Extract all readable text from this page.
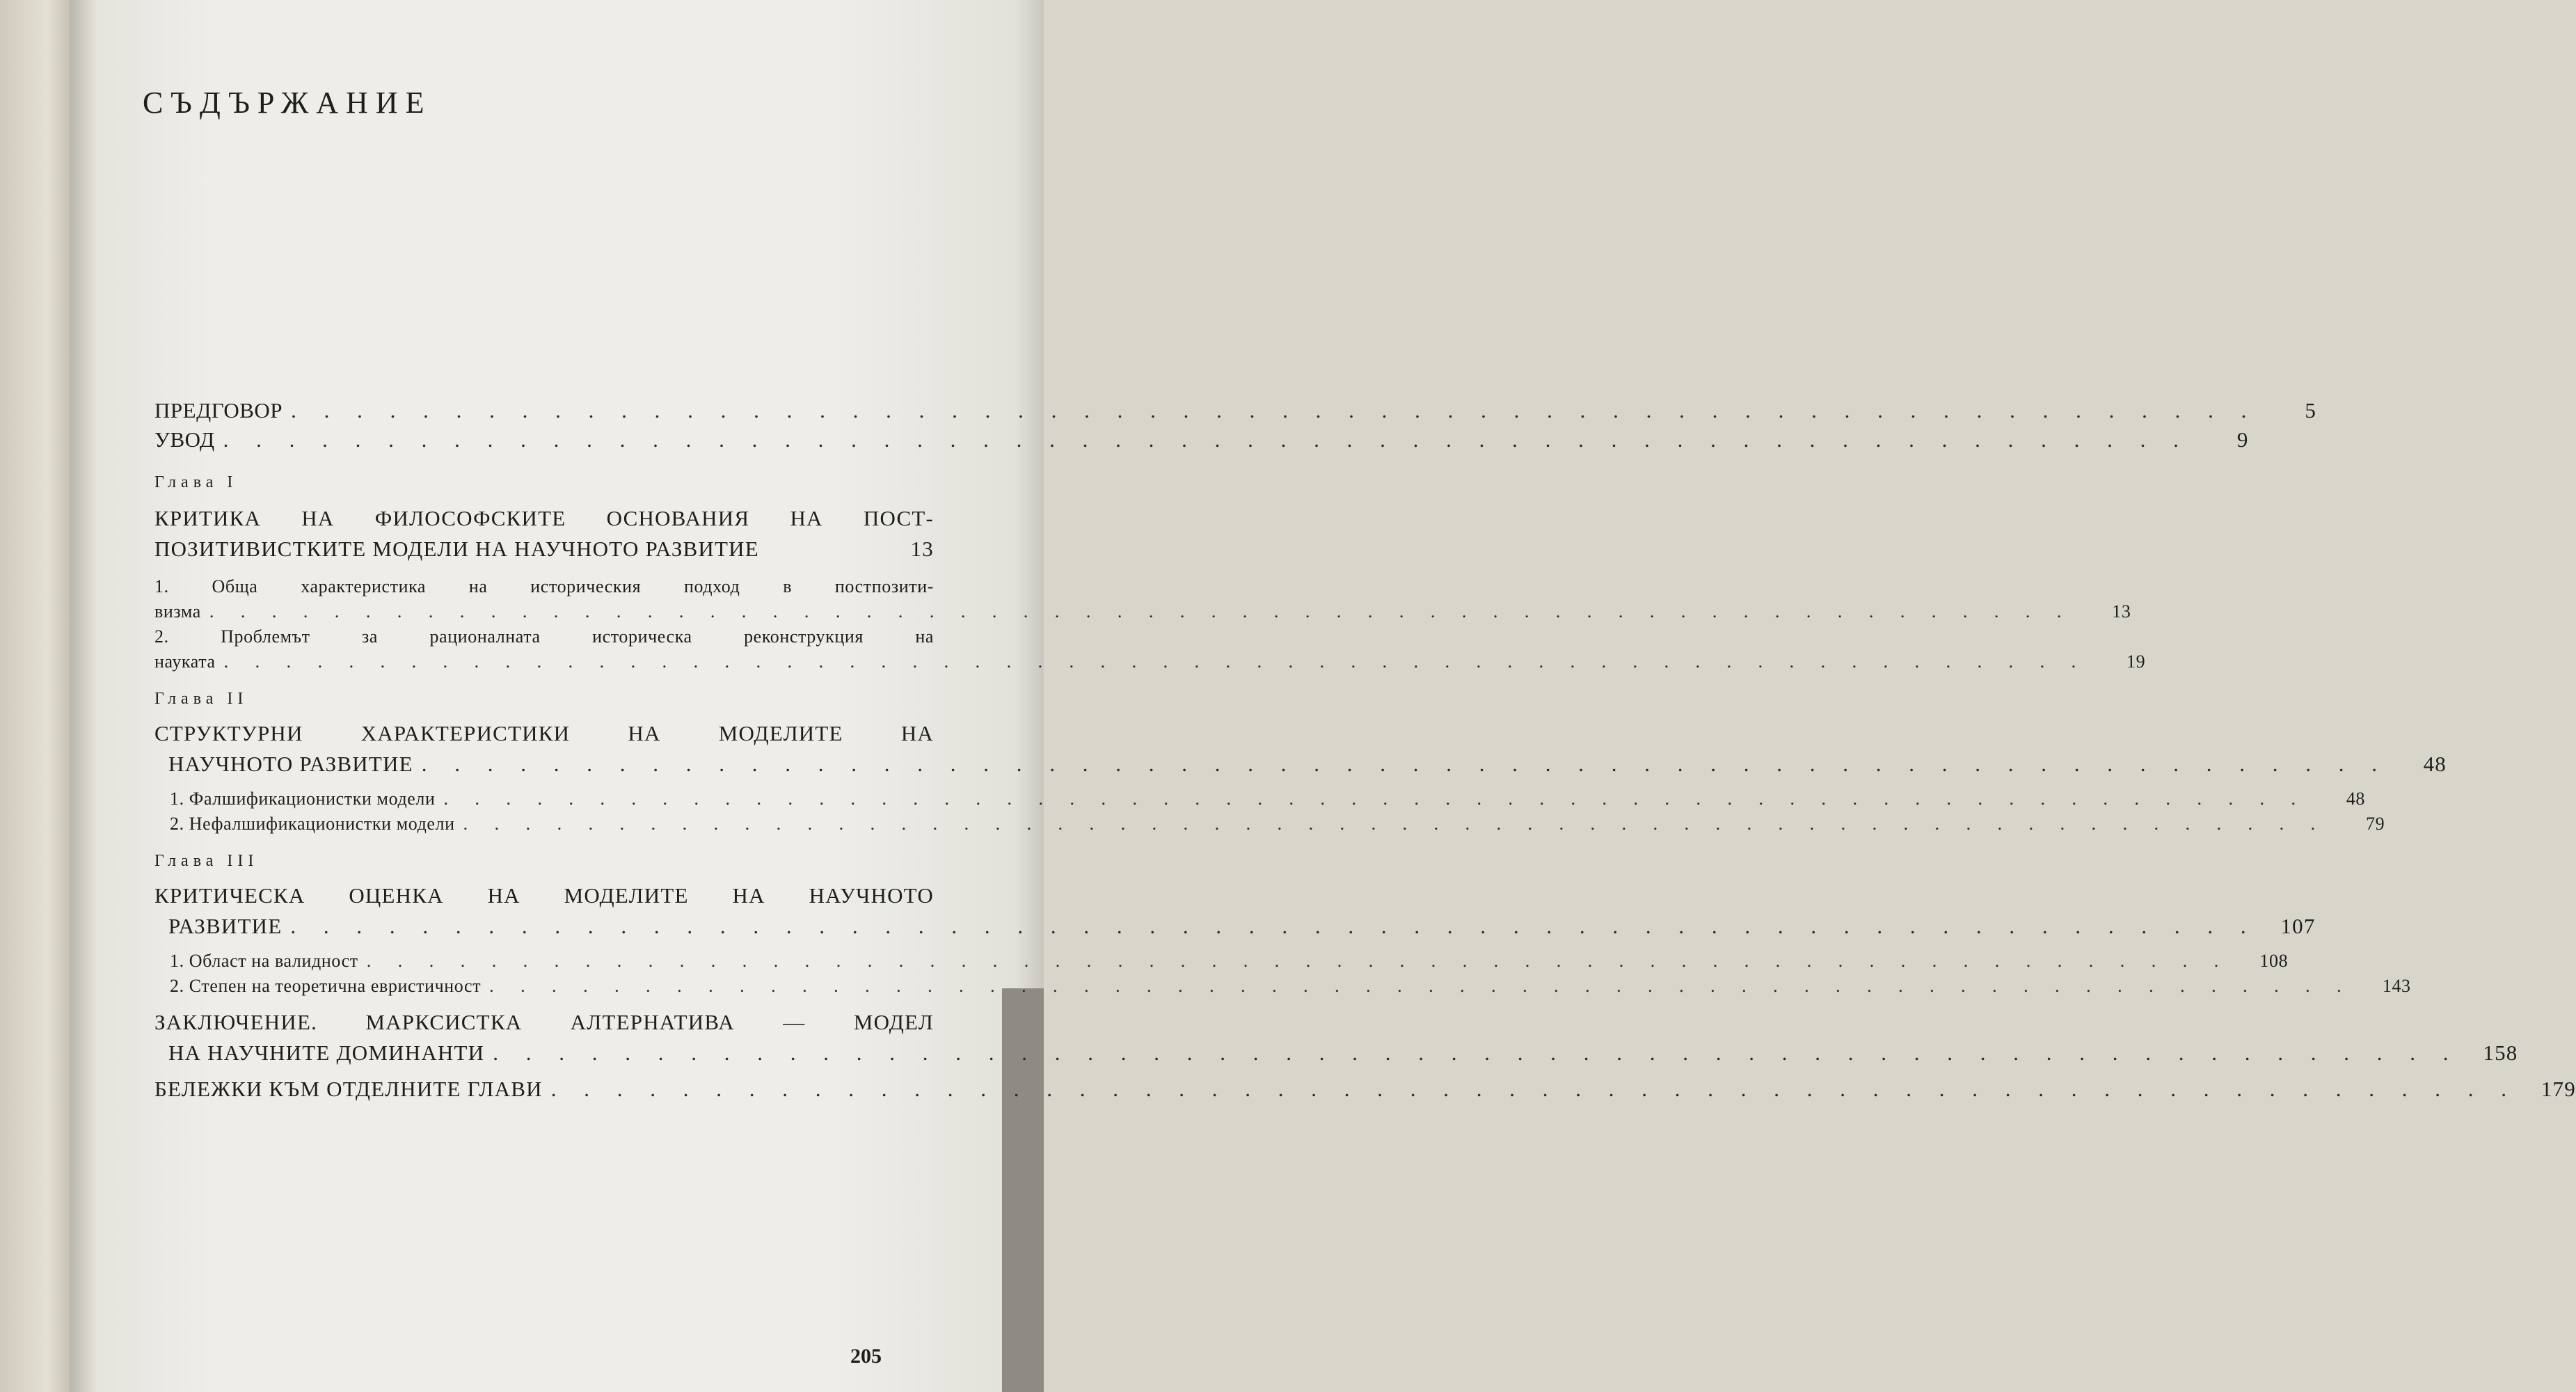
СЪДЪРЖАНИЕ
ПРЕДГОВОР . . . . . . . . . . . . . . . . . . . . . . . . . . . . . . . . . . . . . . . . . . . . . . . . . . . . . . . . . . . .	5
УВОД . . . . . . . . . . . . . . . . . . . . . . . . . . . . . . . . . . . . . . . . . . . . . . . . . . . . . . . . . . . .	9
Глава I
КРИТИКА НА ФИЛОСОФСКИТЕ ОСНОВАНИЯ НА ПОСТ-
ПОЗИТИВИСТКИТЕ МОДЕЛИ НА НАУЧНОТО РАЗВИТИЕ	13
1. Обща характеристика на историческия подход в постпозити-
визма . . . . . . . . . . . . . . . . . . . . . . . . . . . . . . . . . . . . . . . . . . . . . . . . . . . . . . . . . . . .	13
2. Проблемът за рационалната историческа реконструкция на
науката . . . . . . . . . . . . . . . . . . . . . . . . . . . . . . . . . . . . . . . . . . . . . . . . . . . . . . . . . . . .	19
Глава II
СТРУКТУРНИ ХАРАКТЕРИСТИКИ НА МОДЕЛИТЕ НА
НАУЧНОТО РАЗВИТИЕ . . . . . . . . . . . . . . . . . . . . . . . . . . . . . . . . . . . . . . . . . . . . . . . . . . . . . . . . . . . .	48
1. Фалшификационистки модели . . . . . . . . . . . . . . . . . . . . . . . . . . . . . . . . . . . . . . . . . . . . . . . . . . . . . . . . . . . .	48
2. Нефалшификационистки модели . . . . . . . . . . . . . . . . . . . . . . . . . . . . . . . . . . . . . . . . . . . . . . . . . . . . . . . . . . . .	79
Глава III
КРИТИЧЕСКА ОЦЕНКА НА МОДЕЛИТЕ НА НАУЧНОТО
РАЗВИТИЕ . . . . . . . . . . . . . . . . . . . . . . . . . . . . . . . . . . . . . . . . . . . . . . . . . . . . . . . . . . . .	107
1. Област на валидност . . . . . . . . . . . . . . . . . . . . . . . . . . . . . . . . . . . . . . . . . . . . . . . . . . . . . . . . . . . .	108
2. Степен на теоретична евристичност . . . . . . . . . . . . . . . . . . . . . . . . . . . . . . . . . . . . . . . . . . . . . . . . . . . . . . . . . . . .	143
ЗАКЛЮЧЕНИЕ. МАРКСИСТКА АЛТЕРНАТИВА — МОДЕЛ
НА НАУЧНИТЕ ДОМИНАНТИ . . . . . . . . . . . . . . . . . . . . . . . . . . . . . . . . . . . . . . . . . . . . . . . . . . . . . . . . . . . .	158
БЕЛЕЖКИ КЪМ ОТДЕЛНИТЕ ГЛАВИ . . . . . . . . . . . . . . . . . . . . . . . . . . . . . . . . . . . . . . . . . . . . . . . . . . . . . . . . . . . .	179
205
